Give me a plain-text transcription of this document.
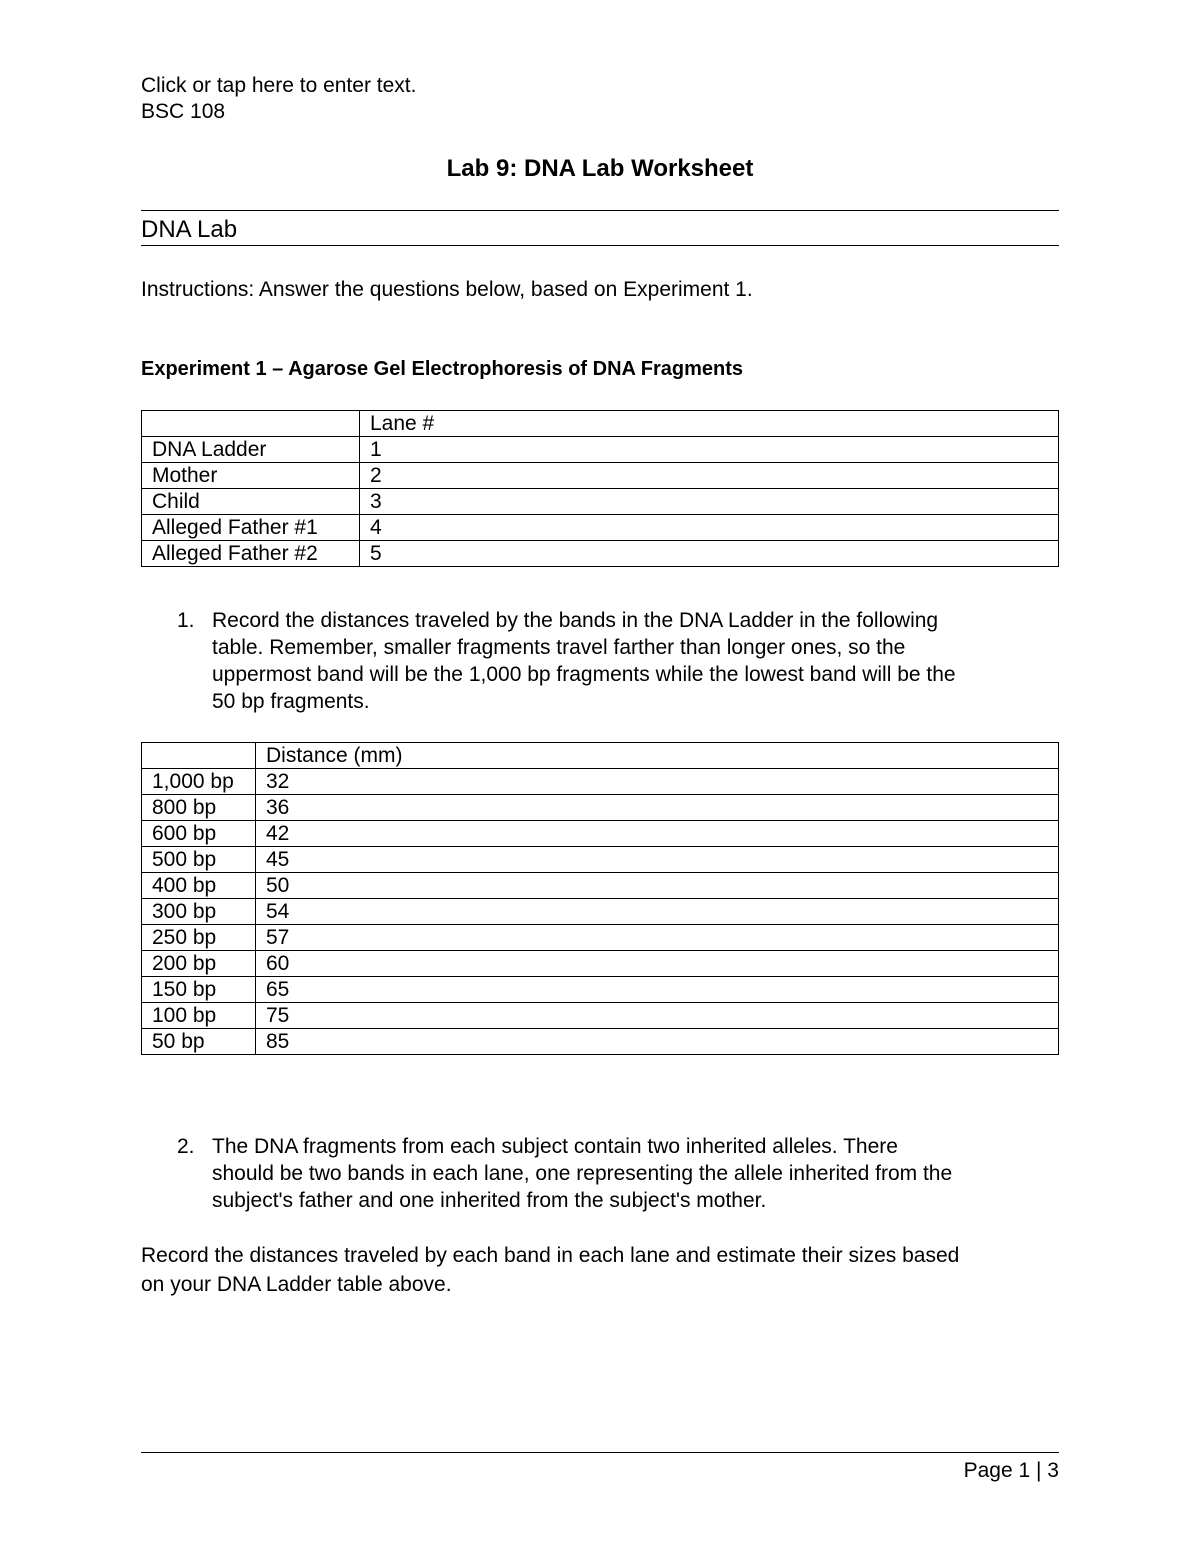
Click or tap here to enter text.
BSC 108
Lab 9: DNA Lab Worksheet
DNA Lab
Instructions: Answer the questions below, based on Experiment 1.
Experiment 1 – Agarose Gel Electrophoresis of DNA Fragments
	Lane #
DNA Ladder	1
Mother	2
Child	3
Alleged Father #1	4
Alleged Father #2	5
1. Record the distances traveled by the bands in the DNA Ladder in the following
table. Remember, smaller fragments travel farther than longer ones, so the
uppermost band will be the 1,000 bp fragments while the lowest band will be the
50 bp fragments.
	Distance (mm)
1,000 bp	32
800 bp	36
600 bp	42
500 bp	45
400 bp	50
300 bp	54
250 bp	57
200 bp	60
150 bp	65
100 bp	75
50 bp	85
2. The DNA fragments from each subject contain two inherited alleles. There
should be two bands in each lane, one representing the allele inherited from the
subject's father and one inherited from the subject's mother.
Record the distances traveled by each band in each lane and estimate their sizes based
on your DNA Ladder table above.
Page 1 | 3
